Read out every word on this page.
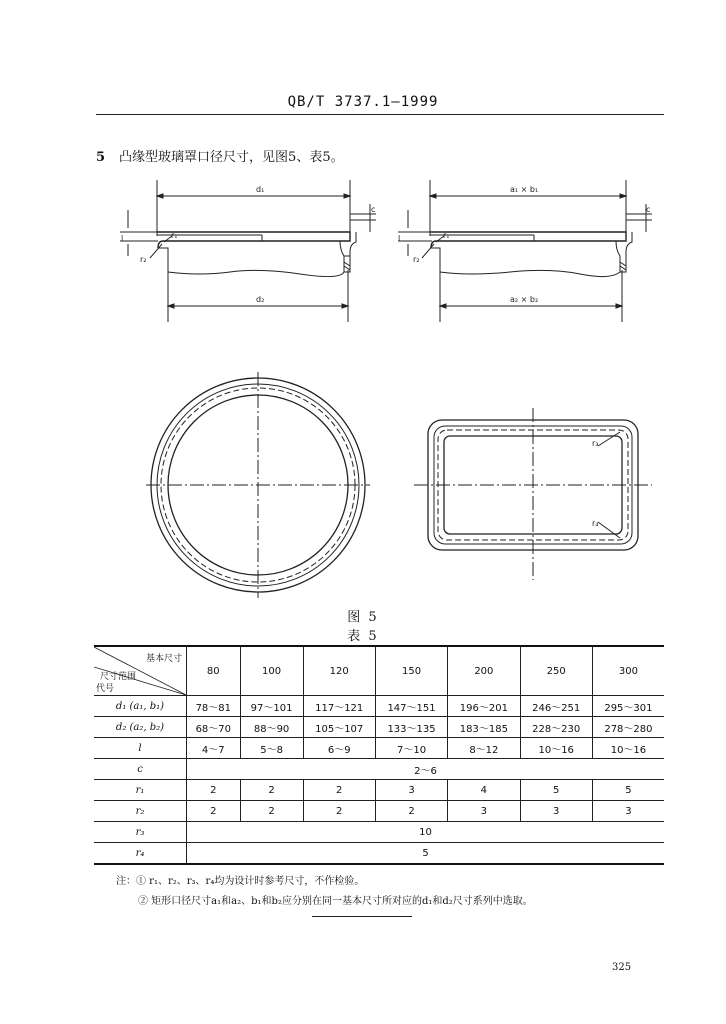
QB/T 3737.1—1999
5 凸缘型玻璃罩口径尺寸，见图5、表5。
d₁
d₂
l
c
r₁
r₂
a₁ × b₁
a₂ × b₂
l
c
r₁
r₂
r₃
r₄
图 5
表 5
基本尺寸
尺寸范围
代号	80	100	120	150	200	250	300
d₁ (a₁, b₁)	78～81	97～101	117～121	147～151	196～201	246～251	295～301
d₂ (a₂, b₂)	68～70	88～90	105～107	133～135	183～185	228～230	278～280
l	4～7	5～8	6～9	7～10	8～12	10～16	10～16
c	2～6						
r₁	2	2	2	3	4	5	5
r₂	2	2	2	2	3	3	3
r₃	10						
r₄	5						
注：① r₁、r₂、r₃、r₄均为设计时参考尺寸，不作检验。
② 矩形口径尺寸a₁和a₂、b₁和b₂应分别在同一基本尺寸所对应的d₁和d₂尺寸系列中选取。
325
